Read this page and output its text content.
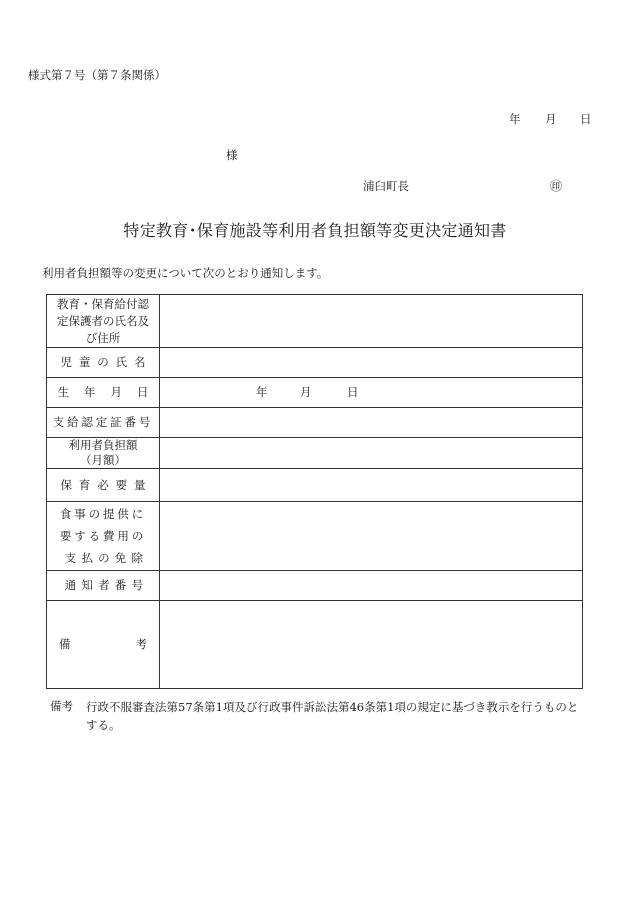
様式第７号（第７条関係）
年 月 日
様
浦臼町長	㊞
特定教育･保育施設等利用者負担額等変更決定通知書
利用者負担額等の変更について次のとおり通知します。
教育・保育給付認
定保護者の氏名及
び住所	

児童の氏名	
生年月日	年 月 日

支給認定証番号	

利用者負担額
（月額）	

保育必要量	

食事の提供に
要する費用の
支払の免除	

通知者番号	

備 考	

備考 行政不服審査法第57条第1項及び行政事件訴訟法第46条第1項の規定に基づき教示を行うものとする。
